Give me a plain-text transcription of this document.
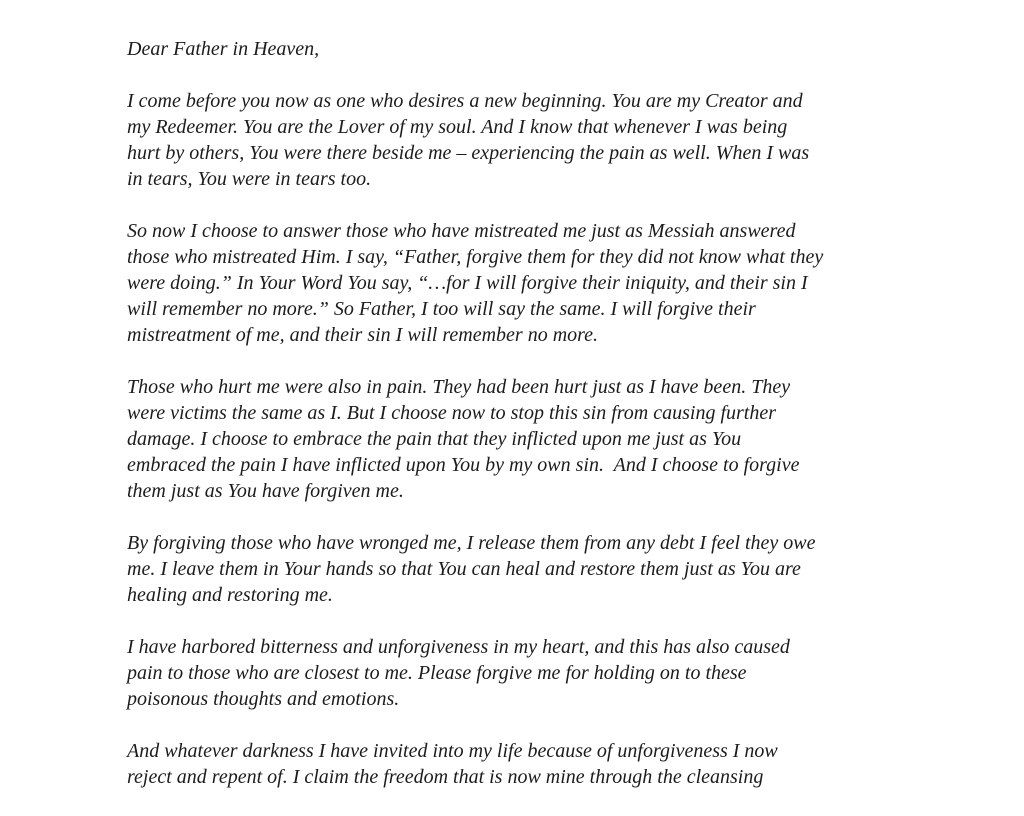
Dear Father in Heaven,

I come before you now as one who desires a new beginning. You are my Creator and
my Redeemer. You are the Lover of my soul. And I know that whenever I was being
hurt by others, You were there beside me – experiencing the pain as well. When I was
in tears, You were in tears too.

So now I choose to answer those who have mistreated me just as Messiah answered
those who mistreated Him. I say, “Father, forgive them for they did not know what they
were doing.” In Your Word You say, “…for I will forgive their iniquity, and their sin I
will remember no more.” So Father, I too will say the same. I will forgive their
mistreatment of me, and their sin I will remember no more.

Those who hurt me were also in pain. They had been hurt just as I have been. They
were victims the same as I. But I choose now to stop this sin from causing further
damage. I choose to embrace the pain that they inflicted upon me just as You
embraced the pain I have inflicted upon You by my own sin.  And I choose to forgive
them just as You have forgiven me.

By forgiving those who have wronged me, I release them from any debt I feel they owe
me. I leave them in Your hands so that You can heal and restore them just as You are
healing and restoring me.

I have harbored bitterness and unforgiveness in my heart, and this has also caused
pain to those who are closest to me. Please forgive me for holding on to these
poisonous thoughts and emotions.

And whatever darkness I have invited into my life because of unforgiveness I now
reject and repent of. I claim the freedom that is now mine through the cleansing
